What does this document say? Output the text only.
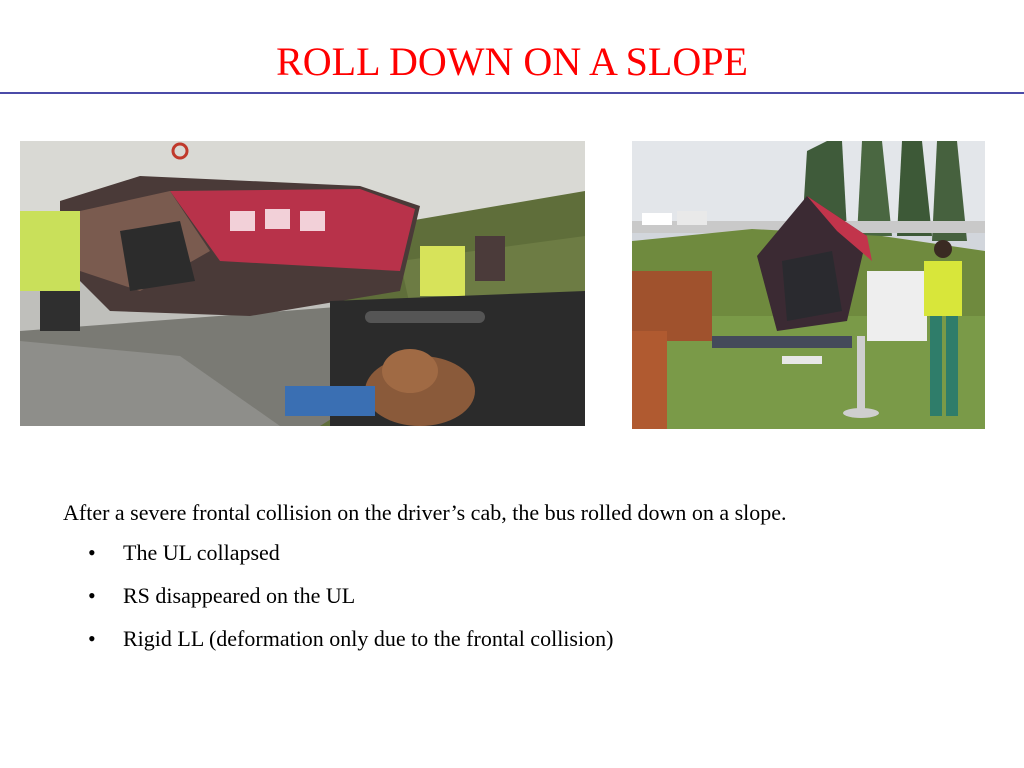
ROLL DOWN ON A SLOPE

After a severe frontal collision on the driver’s cab, the bus rolled down on a slope.

• The UL collapsed
• RS disappeared on the UL
• Rigid LL (deformation only due to the frontal collision)
